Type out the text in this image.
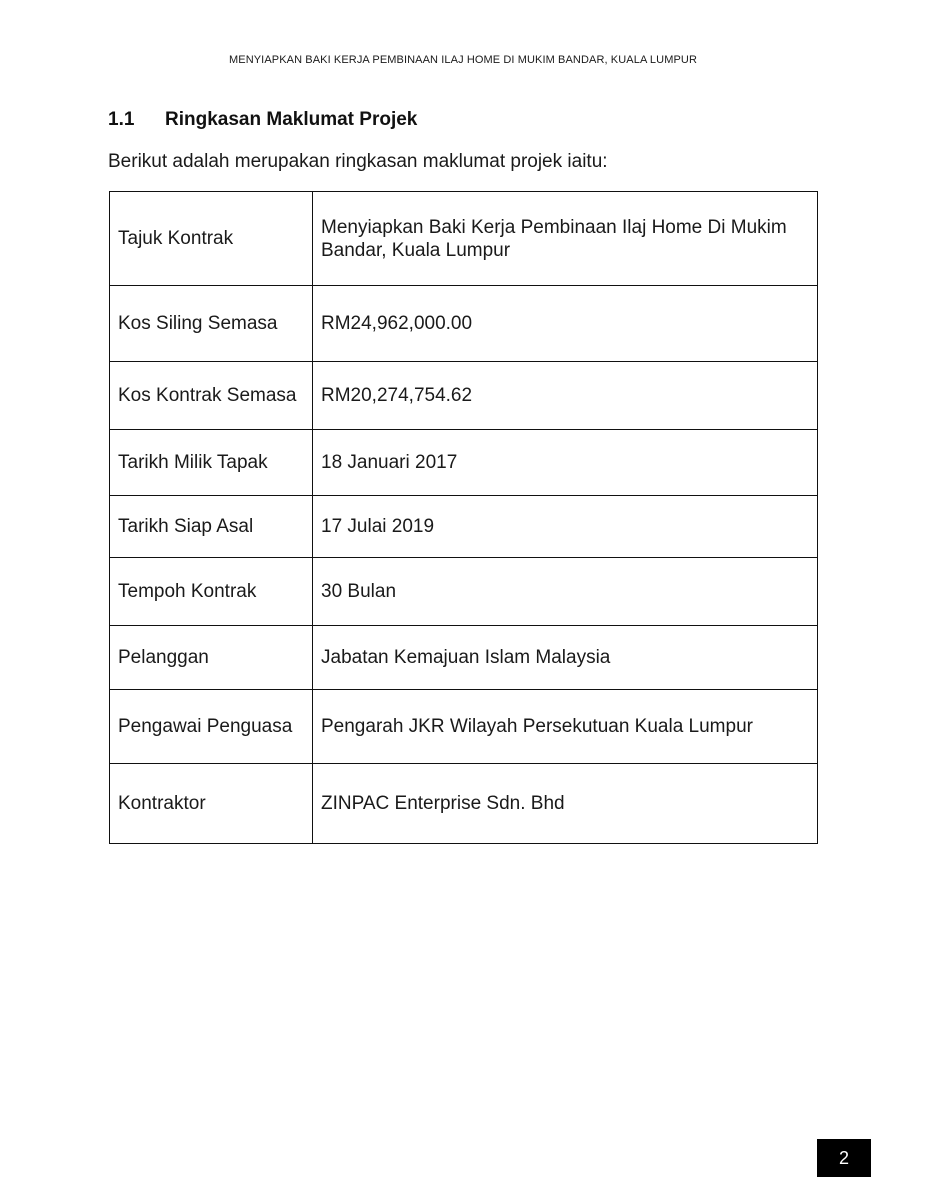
MENYIAPKAN BAKI KERJA PEMBINAAN ILAJ HOME DI MUKIM BANDAR, KUALA LUMPUR
1.1 Ringkasan Maklumat Projek
Berikut adalah merupakan ringkasan maklumat projek iaitu:
Tajuk Kontrak	Menyiapkan Baki Kerja Pembinaan Ilaj Home Di Mukim Bandar, Kuala Lumpur
Kos Siling Semasa	RM24,962,000.00
Kos Kontrak Semasa	RM20,274,754.62
Tarikh Milik Tapak	18 Januari 2017
Tarikh Siap Asal	17 Julai 2019
Tempoh Kontrak	30 Bulan
Pelanggan	Jabatan Kemajuan Islam Malaysia
Pengawai Penguasa	Pengarah JKR Wilayah Persekutuan Kuala Lumpur
Kontraktor	ZINPAC Enterprise Sdn. Bhd
2
